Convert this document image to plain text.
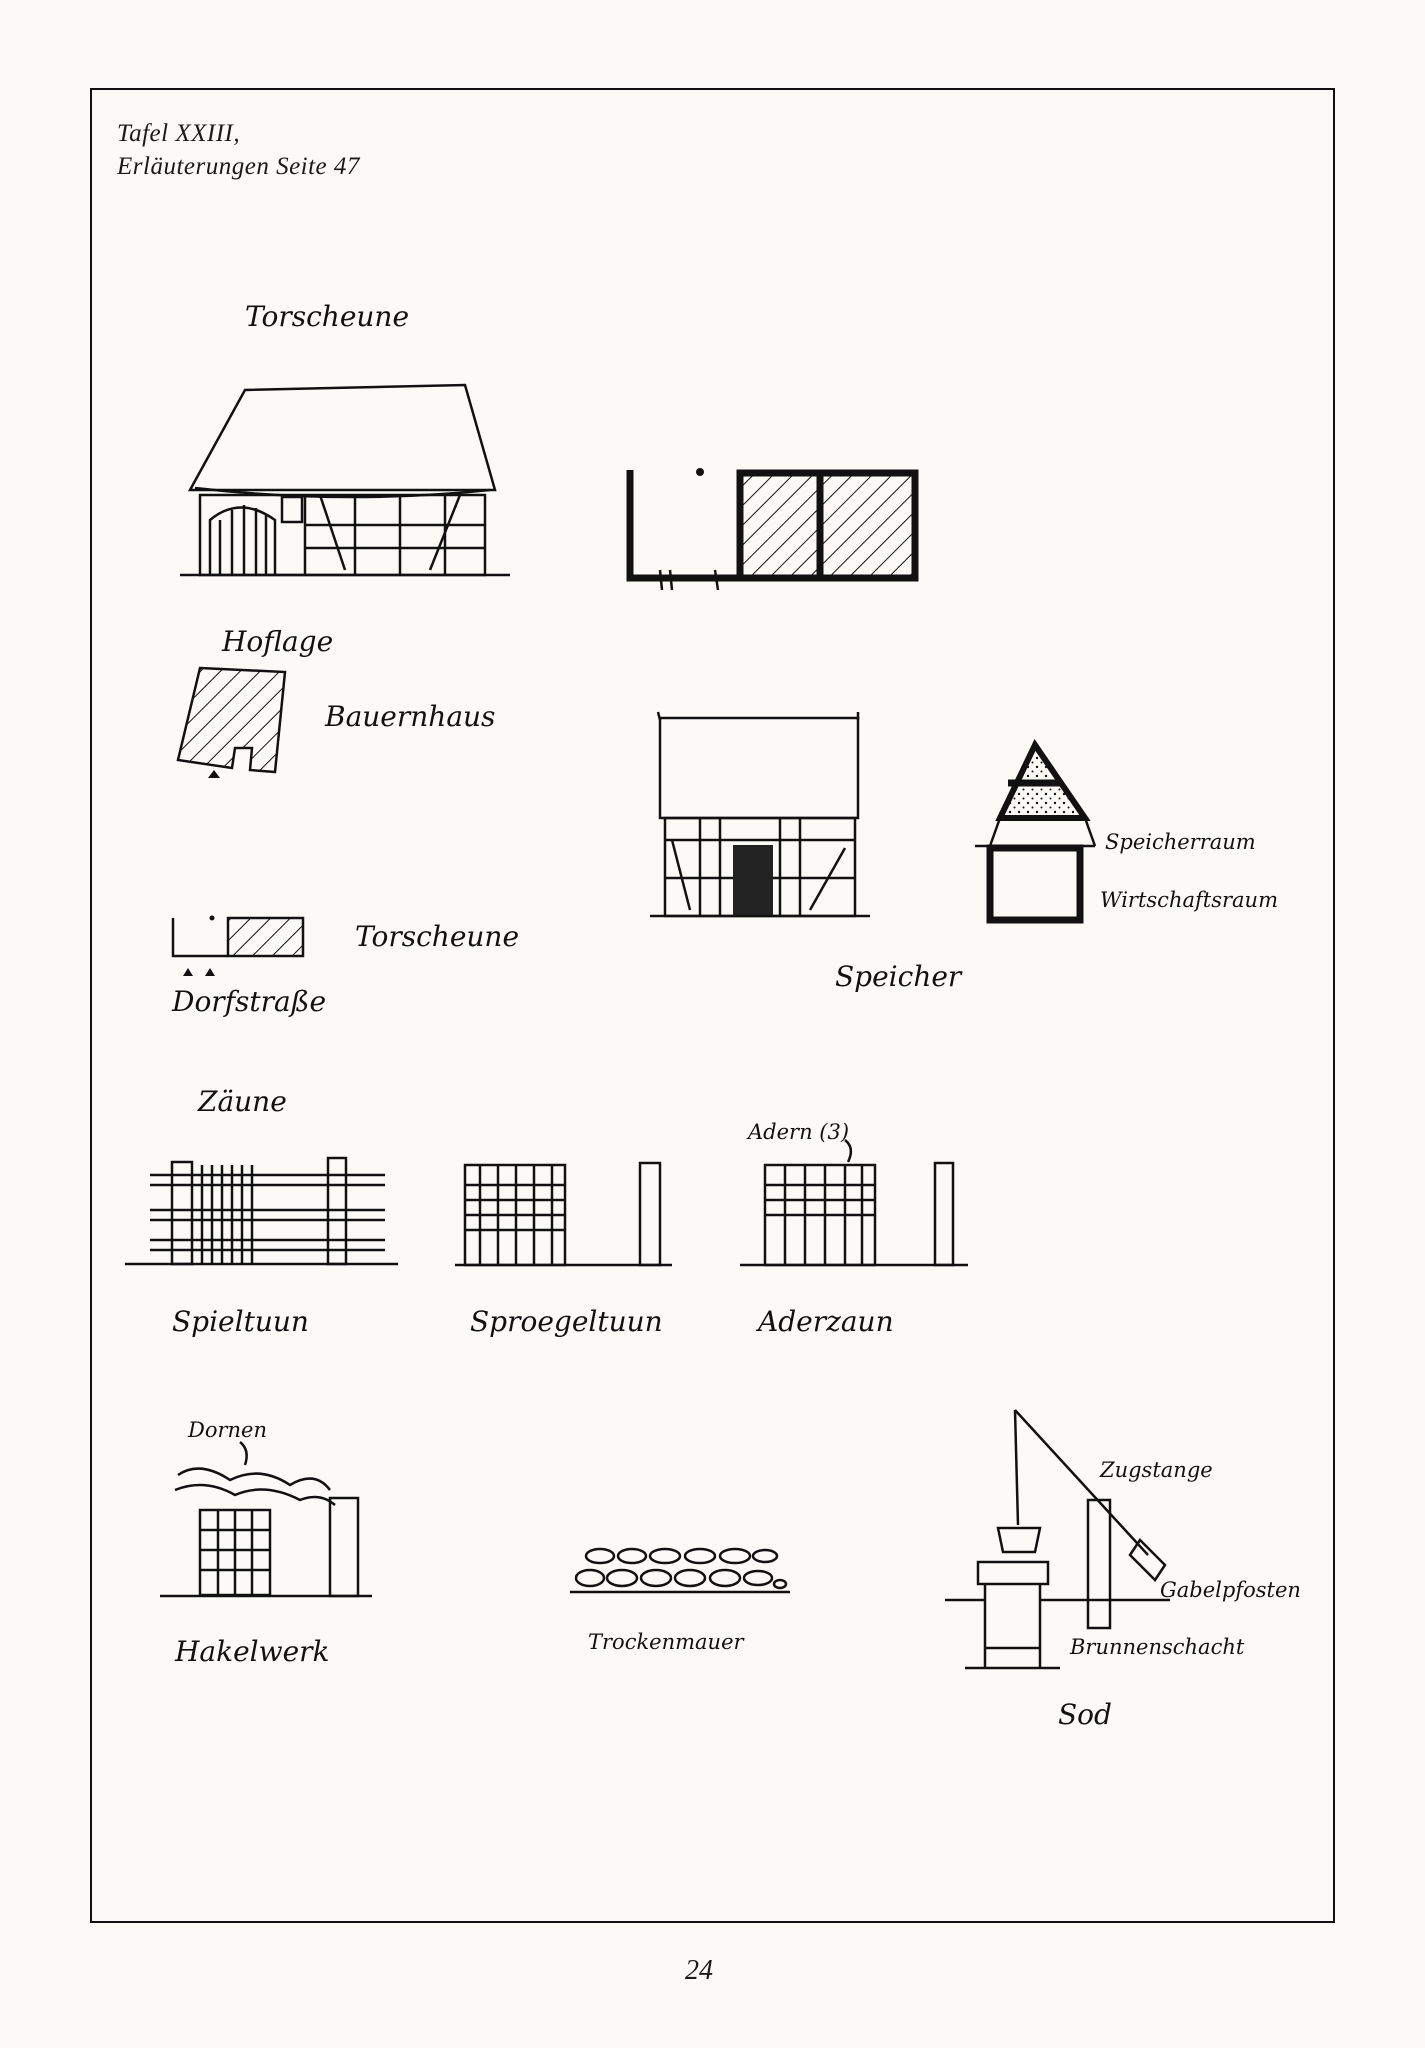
Tafel XXIII,
Erläuterungen Seite 47
Torscheune
Hoflage
Bauernhaus
Torscheune
Dorfstraße
Speicher
Speicherraum
Wirtschaftsraum
Zäune
Adern (3)
Spieltuun	Sproegeltuun	Aderzaun
Dornen
Hakelwerk	Trockenmauer
Zugstange
Gabelpfosten
Brunnenschacht
Sod
24
